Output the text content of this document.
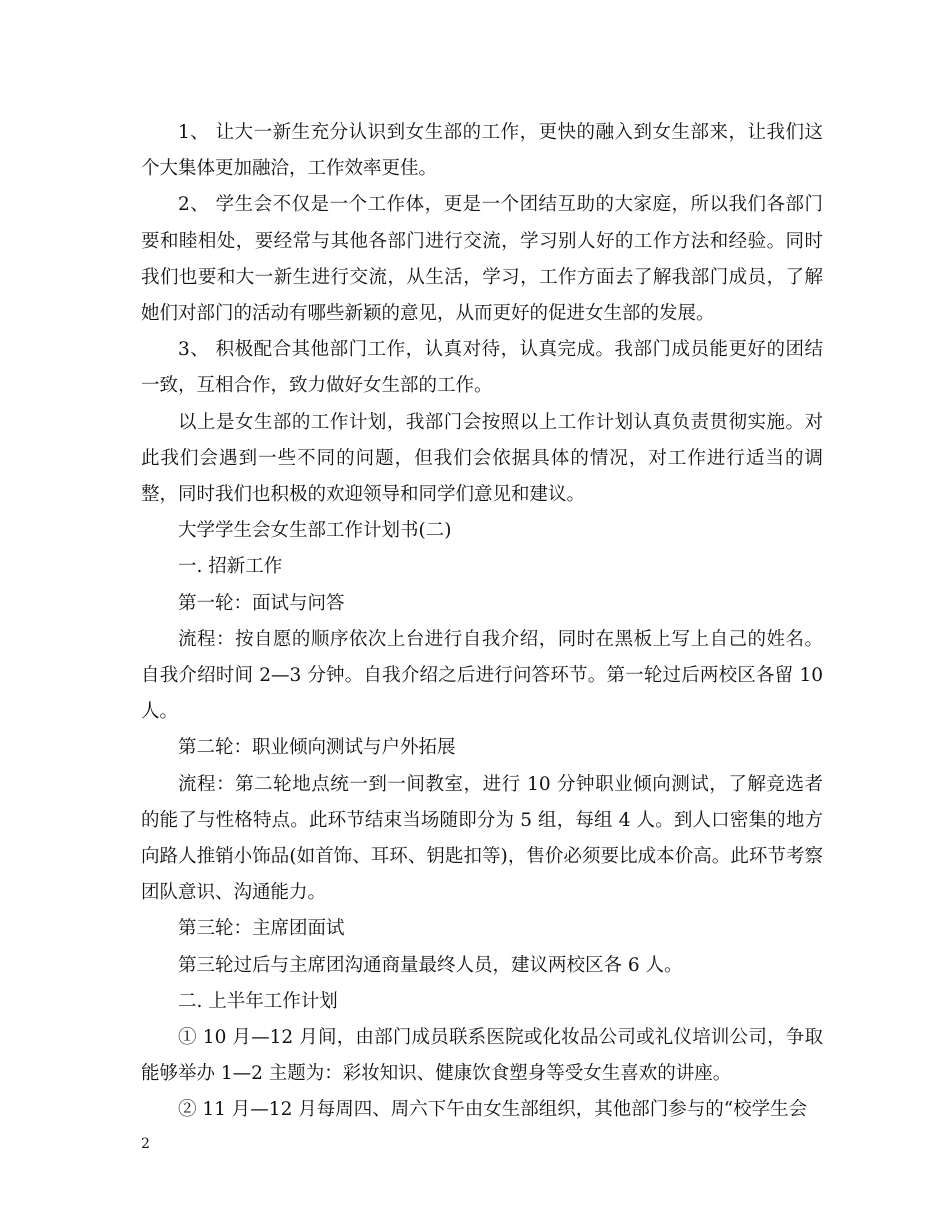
1、 让大一新生充分认识到女生部的工作，更快的融入到女生部来，让我们这个大集体更加融洽，工作效率更佳。

2、 学生会不仅是一个工作体，更是一个团结互助的大家庭，所以我们各部门要和睦相处，要经常与其他各部门进行交流，学习别人好的工作方法和经验。同时我们也要和大一新生进行交流，从生活，学习，工作方面去了解我部门成员，了解她们对部门的活动有哪些新颖的意见，从而更好的促进女生部的发展。

3、 积极配合其他部门工作，认真对待，认真完成。我部门成员能更好的团结一致，互相合作，致力做好女生部的工作。

以上是女生部的工作计划，我部门会按照以上工作计划认真负责贯彻实施。对此我们会遇到一些不同的问题，但我们会依据具体的情况，对工作进行适当的调整，同时我们也积极的欢迎领导和同学们意见和建议。

大学学生会女生部工作计划书(二)

一. 招新工作

第一轮：面试与问答

流程：按自愿的顺序依次上台进行自我介绍，同时在黑板上写上自己的姓名。自我介绍时间 2—3 分钟。自我介绍之后进行问答环节。第一轮过后两校区各留 10 人。

第二轮：职业倾向测试与户外拓展

流程：第二轮地点统一到一间教室，进行 10 分钟职业倾向测试，了解竞选者的能了与性格特点。此环节结束当场随即分为 5 组，每组 4 人。到人口密集的地方向路人推销小饰品(如首饰、耳环、钥匙扣等)，售价必须要比成本价高。此环节考察团队意识、沟通能力。

第三轮：主席团面试

第三轮过后与主席团沟通商量最终人员，建议两校区各 6 人。

二. 上半年工作计划

① 10 月—12 月间，由部门成员联系医院或化妆品公司或礼仪培训公司，争取能够举办 1—2 主题为：彩妆知识、健康饮食塑身等受女生喜欢的讲座。

② 11 月—12 月每周四、周六下午由女生部组织，其他部门参与的“校学生会

2
